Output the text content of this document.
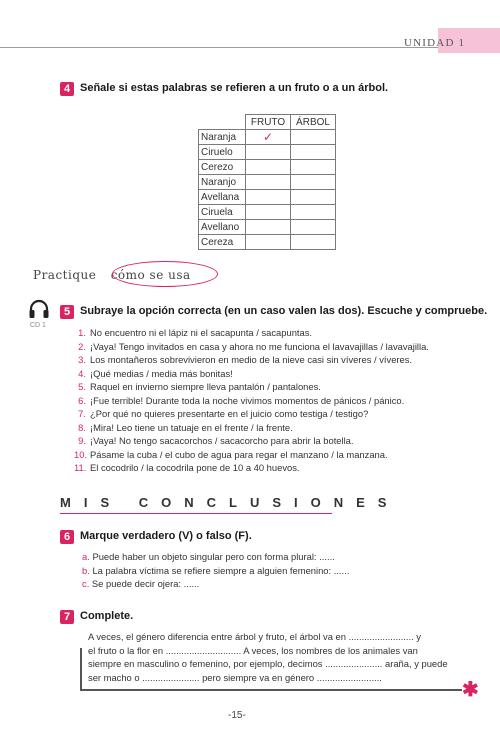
UNIDAD 1
4 Señale si estas palabras se refieren a un fruto o a un árbol.
	FRUTO	ÁRBOL
Naranja	✓	
Ciruelo		
Cerezo		
Naranjo		
Avellana		
Ciruela		
Avellano		
Cereza		
Practique cómo se usa
CD 1
5 Subraye la opción correcta (en un caso valen las dos). Escuche y compruebe.
1. No encuentro ni el lápiz ni el sacapunta / sacapuntas.
2. ¡Vaya! Tengo invitados en casa y ahora no me funciona el lavavajillas / lavavajilla.
3. Los montañeros sobrevivieron en medio de la nieve casi sin víveres / víveres.
4. ¡Qué medias / media más bonitas!
5. Raquel en invierno siempre lleva pantalón / pantalones.
6. ¡Fue terrible! Durante toda la noche vivimos momentos de pánicos / pánico.
7. ¿Por qué no quieres presentarte en el juicio como testiga / testigo?
8. ¡Mira! Leo tiene un tatuaje en el frente / la frente.
9. ¡Vaya! No tengo sacacorchos / sacacorcho para abrir la botella.
10. Pásame la cuba / el cubo de agua para regar el manzano / la manzana.
11. El cocodrilo / la cocodrila pone de 10 a 40 huevos.
MIS CONCLUSIONES
6 Marque verdadero (V) o falso (F).
a. Puede haber un objeto singular pero con forma plural: ......
b. La palabra víctima se refiere siempre a alguien femenino: ......
c. Se puede decir ojera: ......
7 Complete.
A veces, el género diferencia entre árbol y fruto, el árbol va en ......................... y
el fruto o la flor en ............................. A veces, los nombres de los animales van
siempre en masculino o femenino, por ejemplo, decimos ...................... araña, y puede
ser macho o ...................... pero siempre va en género .........................
✱
-15-
